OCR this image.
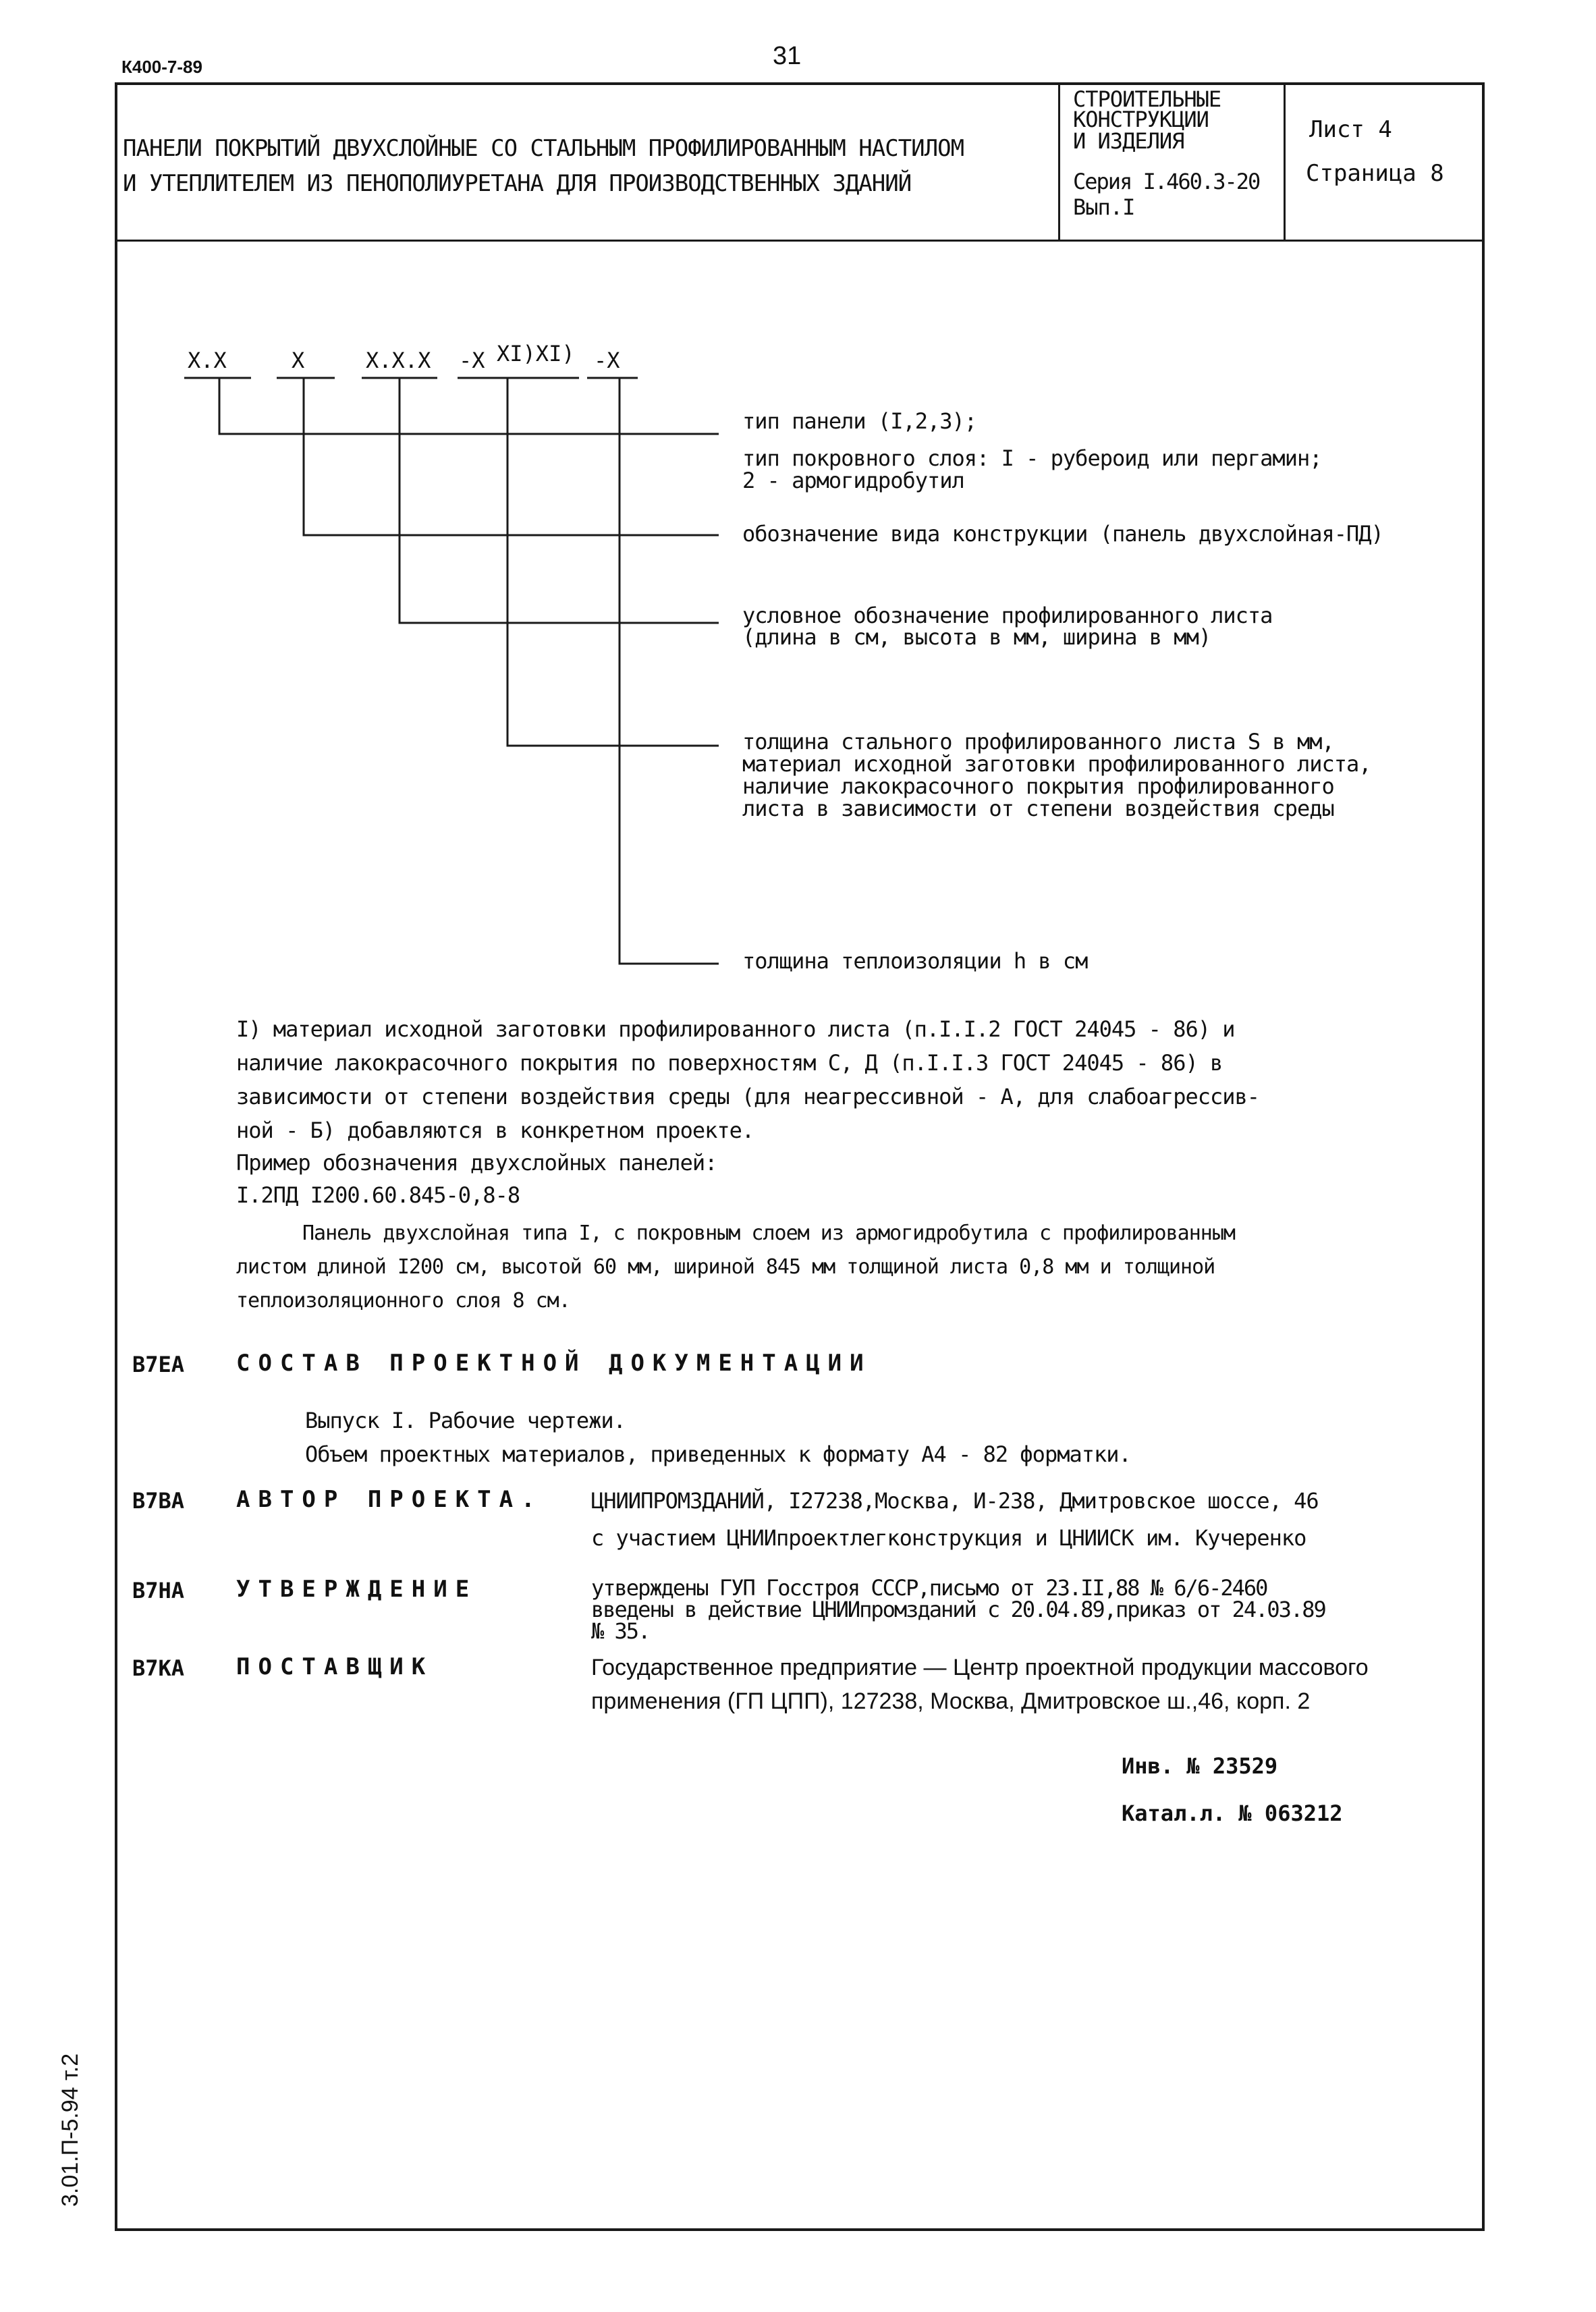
К400-7-89	31
ПАНЕЛИ ПОКРЫТИЙ ДВУХСЛОЙНЫЕ СО СТАЛЬНЫМ ПРОФИЛИРОВАННЫМ НАСТИЛОМ
И УТЕПЛИТЕЛЕМ ИЗ ПЕНОПОЛИУРЕТАНА ДЛЯ ПРОИЗВОДСТВЕННЫХ ЗДАНИЙ
СТРОИТЕЛЬНЫЕ
КОНСТРУКЦИИ
И ИЗДЕЛИЯ
Серия I.460.3-20
Вып.I
Лист 4
Страница 8
Х.Х	Х	Х.Х.Х -Х ХI)ХI) -Х
тип панели (I,2,3);
тип покровного слоя: I - рубероид или пергамин;
2 - армогидробутил
обозначение вида конструкции (панель двухслойная-ПД)
условное обозначение профилированного листа
(длина в см, высота в мм, ширина в мм)
толщина стального профилированного листа S в мм,
материал исходной заготовки профилированного листа,
наличие лакокрасочного покрытия профилированного
листа в зависимости от степени воздействия среды
толщина теплоизоляции h в см
I) материал исходной заготовки профилированного листа (п.I.I.2 ГОСТ 24045 - 86) и
наличие лакокрасочного покрытия по поверхностям С, Д (п.I.I.3 ГОСТ 24045 - 86) в
зависимости от степени воздействия среды (для неагрессивной - А, для слабоагрессив-
ной - Б) добавляются в конкретном проекте.
Пример обозначения двухслойных панелей:
I.2ПД I200.60.845-0,8-8
Панель двухслойная типа I, с покровным слоем из армогидробутила с профилированным
листом длиной I200 см, высотой 60 мм, шириной 845 мм толщиной листа 0,8 мм и толщиной
теплоизоляционного слоя 8 см.
В7ЕА СОСТАВ ПРОЕКТНОЙ ДОКУМЕНТАЦИИ
Выпуск I. Рабочие чертежи.
Объем проектных материалов, приведенных к формату А4 - 82 форматки.
В7ВА АВТОР ПРОЕКТА. ЦНИИПРОМЗДАНИЙ, I27238,Москва, И-238, Дмитровское шоссе, 46
с участием ЦНИИпроектлегконструкция и ЦНИИСК им. Кучеренко
В7НА УТВЕРЖДЕНИЕ	утверждены ГУП Госстроя СССР,письмо от 23.II,88 № 6/6-2460
введены в действие ЦНИИпромзданий с 20.04.89,приказ от 24.03.89
№ 35.
В7КА ПОСТАВЩИК	Государственное предприятие — Центр проектной продукции массового
применения (ГП ЦПП), 127238, Москва, Дмитровское ш.,46, корп. 2
Инв. № 23529
Катал.л. № 063212
3.01.П-5.94 т.2
